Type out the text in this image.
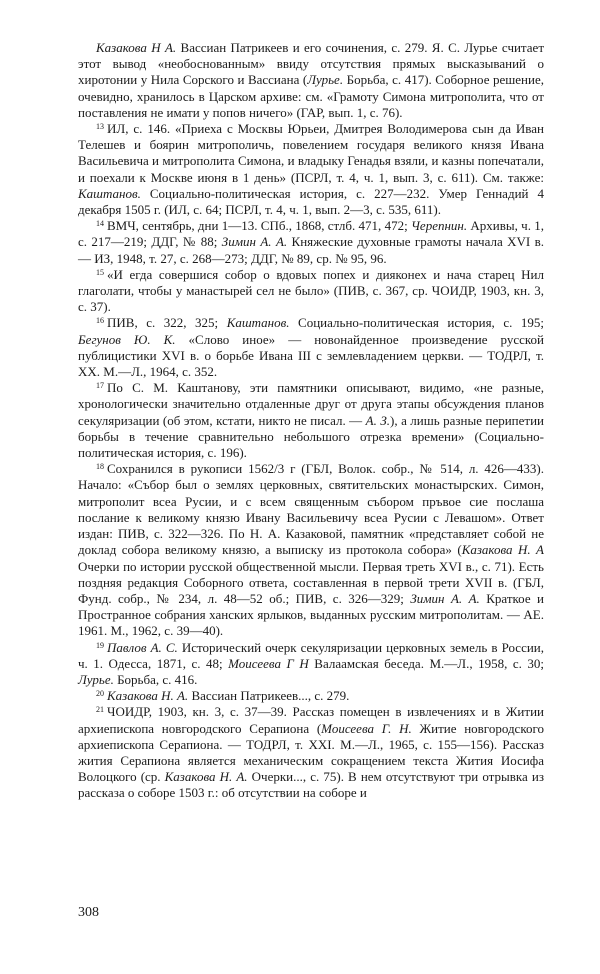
Казакова Н А. Вассиан Патрикеев и его сочинения, с. 279. Я. С. Лурье считает этот вывод «необоснованным» ввиду отсутствия прямых высказываний о хиротонии у Нила Сорского и Вассиана (Лурье. Борьба, с. 417). Соборное решение, очевидно, хранилось в Царском архиве: см. «Грамоту Симона митрополита, что от поставления не имати у попов ничего» (ГАР, вып. 1, с. 76).

$^{13}$ ИЛ, с. 146. «Приеха с Москвы Юрьеи, Дмитрея Володимерова сын да Иван Телешев и боярин митрополичь, повелением государя великого князя Ивана Васильевича и митрополита Симона, и владыку Генадья взяли, и казны попечатали, и поехали к Москве июня в 1 день» (ПСРЛ, т. 4, ч. 1, вып. 3, с. 611). См. также: Каштанов. Социально-политическая история, с. 227—232. Умер Геннадий 4 декабря 1505 г. (ИЛ, с. 64; ПСРЛ, т. 4, ч. 1, вып. 2—3, с. 535, 611).

$^{14}$ ВМЧ, сентябрь, дни 1—13. СПб., 1868, стлб. 471, 472; Черепнин. Архивы, ч. 1, с. 217—219; ДДГ, № 88; Зимин А. А. Княжеские духовные грамоты начала XVI в. — ИЗ, 1948, т. 27, с. 268—273; ДДГ, № 89, ср. № 95, 96.

$^{15}$ «И егда совершися собор о вдовых попех и дияконех и нача старец Нил глаголати, чтобы у манастырей сел не было» (ПИВ, с. 367, ср. ЧОИДР, 1903, кн. 3, с. 37).

$^{16}$ ПИВ, с. 322, 325; Каштанов. Социально-политическая история, с. 195; Бегунов Ю. К. «Слово иное» — новонайденное произведение русской публицистики XVI в. о борьбе Ивана III с землевладением церкви. — ТОДРЛ, т. XX. М.—Л., 1964, с. 352.

$^{17}$ По С. М. Каштанову, эти памятники описывают, видимо, «не разные, хронологически значительно отдаленные друг от друга этапы обсуждения планов секуляризации (об этом, кстати, никто не писал. — А. З.), а лишь разные перипетии борьбы в течение сравнительно небольшого отрезка времени» (Социально-политическая история, с. 196).

$^{18}$ Сохранился в рукописи 1562/3 г (ГБЛ, Волок. собр., № 514, л. 426—433). Начало: «Събор был о землях церковных, святительских монастырских. Симон, митрополит всеа Русии, и с всем священным събором пръвое сие послаша послание к великому князю Ивану Васильевичу всеа Русии с Левашом». Ответ издан: ПИВ, с. 322—326. По Н. А. Казаковой, памятник «представляет собой не доклад собора великому князю, а выписку из протокола собора» (Казакова Н. А Очерки по истории русской общественной мысли. Первая треть XVI в., с. 71). Есть поздняя редакция Соборного ответа, составленная в первой трети XVII в. (ГБЛ, Фунд. собр., № 234, л. 48—52 об.; ПИВ, с. 326—329; Зимин А. А. Краткое и Пространное собрания ханских ярлыков, выданных русским митрополитам. — АЕ. 1961. М., 1962, с. 39—40).

$^{19}$ Павлов А. С. Исторический очерк секуляризации церковных земель в России, ч. 1. Одесса, 1871, с. 48; Моисеева Г Н Валаамская беседа. М.—Л., 1958, с. 30; Лурье. Борьба, с. 416.

$^{20}$ Казакова Н. А. Вассиан Патрикеев..., с. 279.

$^{21}$ ЧОИДР, 1903, кн. 3, с. 37—39. Рассказ помещен в извлечениях и в Житии архиепископа новгородского Серапиона (Моисеева Г. Н. Житие новгородского архиепископа Серапиона. — ТОДРЛ, т. XXI. М.—Л., 1965, с. 155—156). Рассказ жития Серапиона является механическим сокращением текста Жития Иосифа Волоцкого (ср. Казакова Н. А. Очерки..., с. 75). В нем отсутствуют три отрывка из рассказа о соборе 1503 г.: об отсутствии на соборе и

308
